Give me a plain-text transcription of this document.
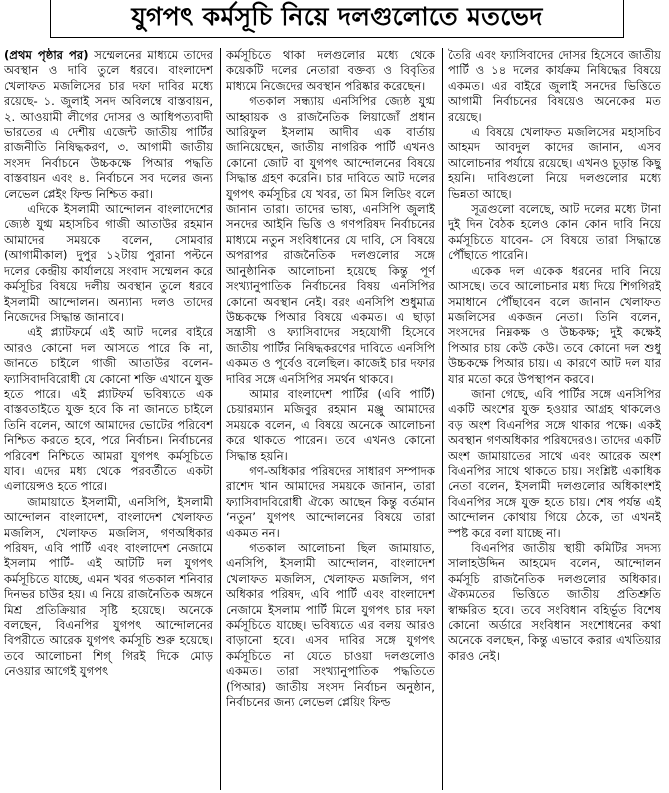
যুগপৎ কর্মসূচি নিয়ে দলগুলোতে মতভেদ

(প্রথম পৃষ্ঠার পর) সম্মেলনের মাধ্যমে তাদের অবস্থান ও দাবি তুলে ধরবে। বাংলাদেশ খেলাফত মজলিসের চার দফা দাবির মধ্যে রয়েছে- ১. জুলাই সনদ অবিলম্বে বাস্তবায়ন, ২. আওয়ামী লীগের দোসর ও আধিপত্যবাদী ভারতের এ দেশীয় এজেন্ট জাতীয় পার্টির রাজনীতি নিষিদ্ধকরণ, ৩. আগামী জাতীয় সংসদ নির্বাচনে উচ্চকক্ষে পিআর পদ্ধতি বাস্তবায়ন এবং ৪. নির্বাচনে সব দলের জন্য লেভেল প্লেইং ফিল্ড নিশ্চিত করা।

এদিকে ইসলামী আন্দোলন বাংলাদেশের জ্যেষ্ঠ যুগ্ম মহাসচিব গাজী আতাউর রহমান আমাদের সময়কে বলেন, সোমবার (আগামীকাল) দুপুর ১২টায় পুরানা পল্টনে দলের কেন্দ্রীয় কার্যালয়ে সংবাদ সম্মেলন করে কর্মসূচির বিষয়ে দলীয় অবস্থান তুলে ধরবে ইসলামী আন্দোলন। অন্যান্য দলও তাদের নিজেদের সিদ্ধান্ত জানাবে।

এই প্ল্যাটফর্মে এই আট দলের বাইরে আরও কোনো দল আসতে পারে কি না, জানতে চাইলে গাজী আতাউর বলেন- ফ্যাসিবাদবিরোধী যে কোনো শক্তি এখানে যুক্ত হতে পারে। এই প্ল্যাটফর্ম ভবিষ্যতে এক বাস্তবতাইতে যুক্ত হবে কি না জানতে চাইলে তিনি বলেন, আগে আমাদের ভোটের পরিবেশ নিশ্চিত করতে হবে, পরে নির্বাচন। নির্বাচনের পরিবেশ নিশ্চিতে আমরা যুগপৎ কর্মসূচিতে যাব। এদের মধ্য থেকে পরবর্তীতে একটা এলায়েন্সও হতে পারে।

জামায়াতে ইসলামী, এনসিপি, ইসলামী আন্দোলন বাংলাদেশ, বাংলাদেশ খেলাফত মজলিস, খেলাফত মজলিস, গণঅধিকার পরিষদ, এবি পার্টি এবং বাংলাদেশ নেজামে ইসলাম পার্টি- এই আটটি দল যুগপৎ কর্মসূচিতে যাচ্ছে, এমন খবর গতকাল শনিবার দিনভর চাউর হয়। এ নিয়ে রাজনৈতিক অঙ্গনে মিশ্র প্রতিক্রিয়ার সৃষ্টি হয়েছে। অনেকে বলছেন, বিএনপির যুগপৎ আন্দোলনের বিপরীতে আরেক যুগপৎ কর্মসূচি শুরু হয়েছে। তবে আলোচনা শিগ্‌ গিরই দিকে মোড় নেওয়ার আগেই যুগপৎ

কর্মসূচিতে থাকা দলগুলোর মধ্যে থেকে কয়েকটি দলের নেতারা বক্তব্য ও বিবৃতির মাধ্যমে নিজেদের অবস্থান পরিষ্কার করেছেন।

গতকাল সন্ধ্যায় এনসিপির জ্যেষ্ঠ যুগ্ম আহ্বায়ক ও রাজনৈতিক লিয়াজোঁ প্রধান আরিফুল ইসলাম আদীব এক বার্তায় জানিয়েছেন, জাতীয় নাগরিক পার্টি এখনও কোনো জোট বা যুগপৎ আন্দোলনের বিষয়ে সিদ্ধান্ত গ্রহণ করেনি। চার দাবিতে আট দলের যুগপৎ কর্মসূচির যে খবর, তা মিস লিডিং বলে জানান তারা। তাদের ভাষ্য, এনসিপি জুলাই সনদের আইনি ভিত্তি ও গণপরিষদ নির্বাচনের মাধ্যমে নতুন সংবিধানের যে দাবি, সে বিষয়ে অপরাপর রাজনৈতিক দলগুলোর সঙ্গে আনুষ্ঠানিক আলোচনা হয়েছে কিন্তু পূর্ণ সংখ্যানুপাতিক নির্বাচনের বিষয় এনসিপির কোনো অবস্থান নেই। বরং এনসিপি শুধুমাত্র উচ্চকক্ষে পিআর বিষয়ে একমত। এ ছাড়া সন্ত্রাসী ও ফ্যাসিবাদের সহযোগী হিসেবে জাতীয় পার্টির নিষিদ্ধকরণের দাবিতে এনসিপি একমত ও পূর্বেও বলেছিল। কাজেই চার দফার দাবির সঙ্গে এনসিপির সমর্থন থাকবে।

আমার বাংলাদেশ পার্টির (এবি পার্টি) চেয়ারম্যান মজিবুর রহমান মঞ্জু আমাদের সময়কে বলেন, এ বিষয়ে অনেকে আলোচনা করে থাকতে পারেন। তবে এখনও কোনো সিদ্ধান্ত হয়নি।

গণ-অধিকার পরিষদের সাধারণ সম্পাদক রাশেদ খান আমাদের সময়কে জানান, তারা ফ্যাসিবাদবিরোধী ঐক্যে আছেন কিন্তু বর্তমান ‘নতুন’ যুগপৎ আন্দোলনের বিষয়ে তারা একমত নন।

গতকাল আলোচনা ছিল জামায়াত, এনসিপি, ইসলামী আন্দোলন, বাংলাদেশ খেলাফত মজলিস, খেলাফত মজলিস, গণ অধিকার পরিষদ, এবি পার্টি এবং বাংলাদেশ নেজামে ইসলাম পার্টি মিলে যুগপৎ চার দফা কর্মসূচিতে যাচ্ছে। ভবিষ্যতে এর বলয় আরও বাড়ানো হবে। এসব দাবির সঙ্গে যুগপৎ কর্মসূচিতে না যেতে চাওয়া দলগুলোও একমত। তারা সংখ্যানুপাতিক পদ্ধতিতে (পিআর) জাতীয় সংসদ নির্বাচন অনুষ্ঠান, নির্বাচনের জন্য লেভেল প্লেয়িং ফিল্ড

তৈরি এবং ফ্যাসিবাদের দোসর হিসেবে জাতীয় পার্টি ও ১৪ দলের কার্যক্রম নিষিদ্ধের বিষয়ে একমত। এর বাইরে জুলাই সনদের ভিত্তিতে আগামী নির্বাচনের বিষয়েও অনেকের মত রয়েছে।

এ বিষয়ে খেলাফত মজলিসের মহাসচিব আহমদ আবদুল কাদের জানান, এসব আলোচনার পর্যায়ে রয়েছে। এখনও চূড়ান্ত কিছু হয়নি। দাবিগুলো নিয়ে দলগুলোর মধ্যে ভিন্নতা আছে।

সূত্রগুলো বলেছে, আট দলের মধ্যে টানা দুই দিন বৈঠক হলেও কোন কোন দাবি নিয়ে কর্মসূচিতে যাবেন- সে বিষয়ে তারা সিদ্ধান্তে পৌঁছাতে পারেনি।

একেক দল একেক ধরনের দাবি নিয়ে আসছে। তবে আলোচনার মধ্য দিয়ে শিগগিরই সমাধানে পৌঁছাবেন বলে জানান খেলাফত মজলিসের একজন নেতা। তিনি বলেন, সংসদের নিম্নকক্ষ ও উচ্চকক্ষ; দুই কক্ষেই পিআর চায় কেউ কেউ। তবে কোনো দল শুধু উচ্চকক্ষে পিআর চায়। এ কারণে আট দল যার যার মতো করে উপস্থাপন করবে।

জানা গেছে, এবি পার্টির সঙ্গে এনসিপির একটি অংশের যুক্ত হওয়ার আগ্রহ থাকলেও বড় অংশ বিএনপির সঙ্গে থাকার পক্ষে। একই অবস্থান গণঅধিকার পরিষদেরও। তাদের একটি অংশ জামায়াতের সাথে এবং আরেক অংশ বিএনপির সাথে থাকতে চায়। সংশ্লিষ্ট একাধিক নেতা বলেন, ইসলামী দলগুলোর অধিকাংশই বিএনপির সঙ্গে যুক্ত হতে চায়। শেষ পর্যন্ত এই আন্দোলন কোথায় গিয়ে ঠেকে, তা এখনই স্পষ্ট করে বলা যাচ্ছে না।

বিএনপির জাতীয় স্থায়ী কমিটির সদস্য সালাহউদ্দিন আহমেদ বলেন, আন্দোলন কর্মসূচি রাজনৈতিক দলগুলোর অধিকার। ঐক্যমতের ভিত্তিতে জাতীয় প্রতিশ্রুতি স্বাক্ষরিত হবে। তবে সংবিধান বহির্ভূত বিশেষ কোনো অর্ডারে সংবিধান সংশোধনের কথা অনেকে বলছেন, কিন্তু এভাবে করার এখতিয়ার কারও নেই।
